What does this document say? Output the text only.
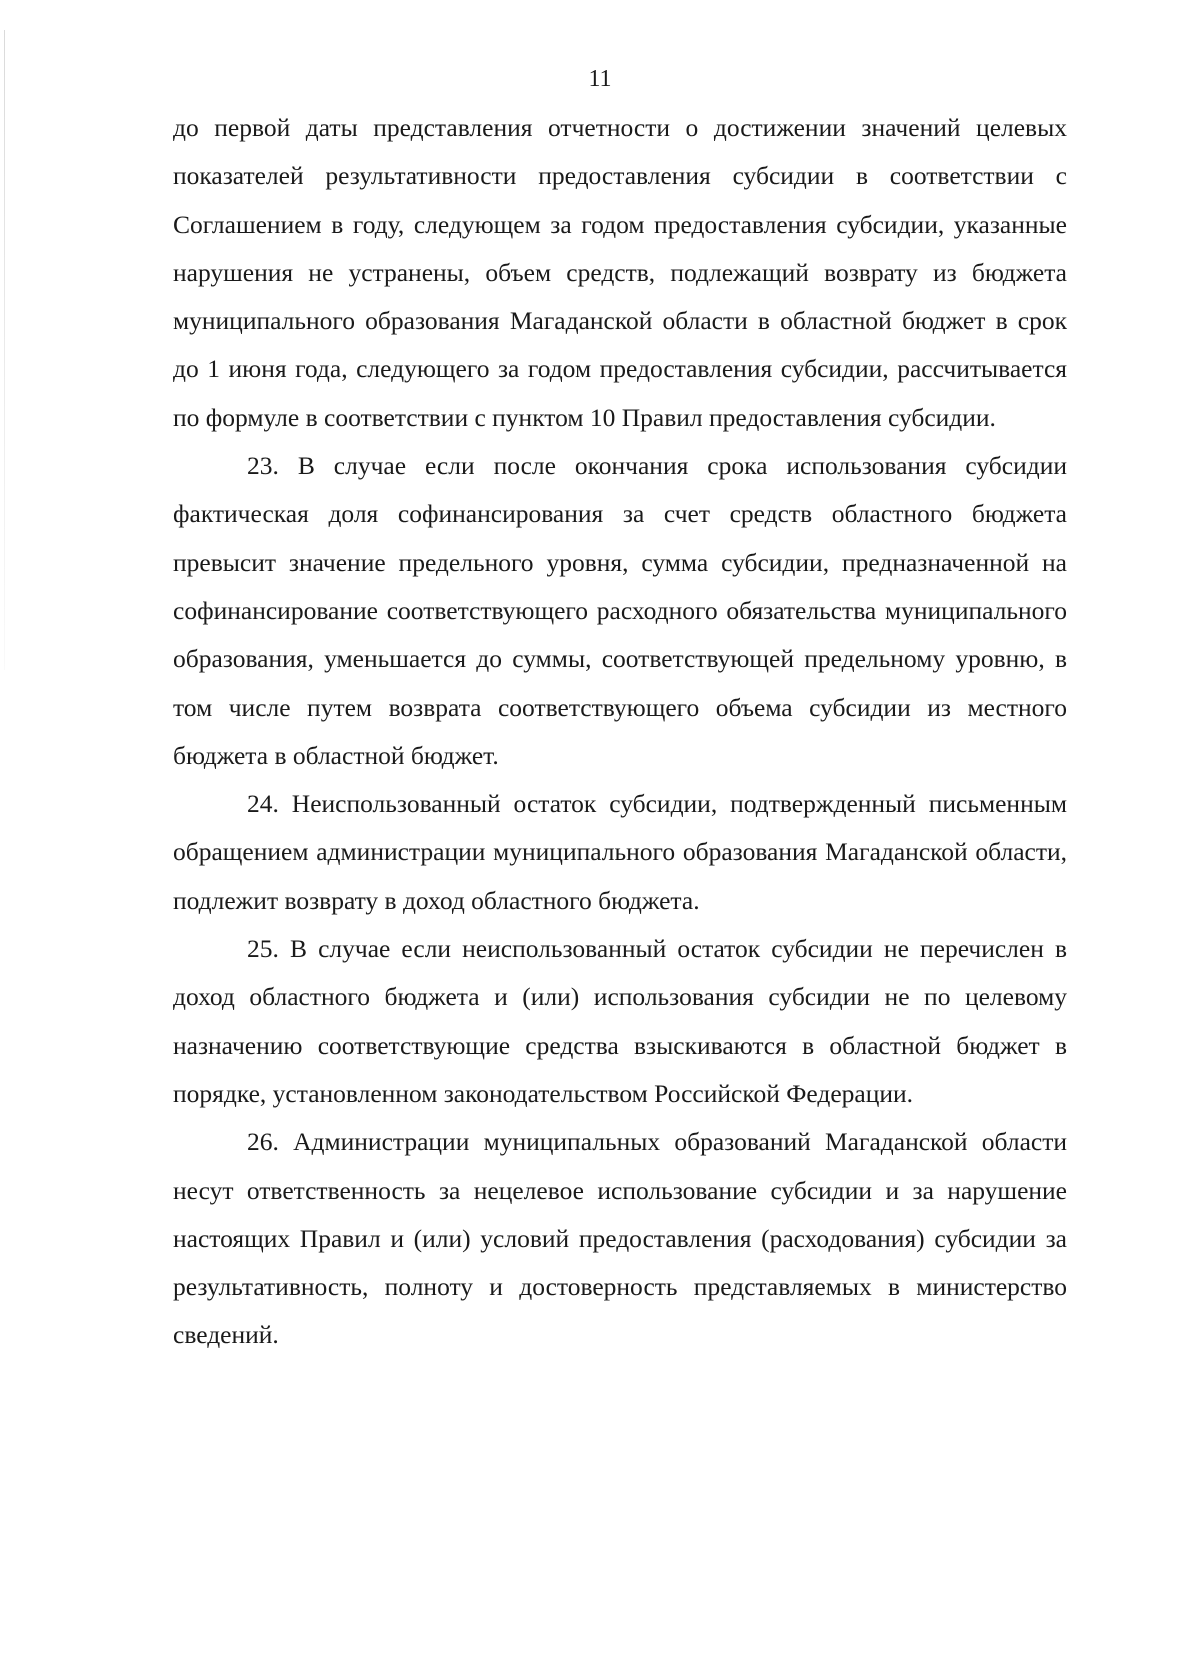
11

до первой даты представления отчетности о достижении значений целевых показателей результативности предоставления субсидии в соответствии с Соглашением в году, следующем за годом предоставления субсидии, указанные нарушения не устранены, объем средств, подлежащий возврату из бюджета муниципального образования Магаданской области в областной бюджет в срок до 1 июня года, следующего за годом предоставления субсидии, рассчитывается по формуле в соответствии с пунктом 10 Правил предоставления субсидии.

23. В случае если после окончания срока использования субсидии фактическая доля софинансирования за счет средств областного бюджета превысит значение предельного уровня, сумма субсидии, предназначенной на софинансирование соответствующего расходного обязательства муниципального образования, уменьшается до суммы, соответствующей предельному уровню, в том числе путем возврата соответствующего объема субсидии из местного бюджета в областной бюджет.

24. Неиспользованный остаток субсидии, подтвержденный письменным обращением администрации муниципального образования Магаданской области, подлежит возврату в доход областного бюджета.

25. В случае если неиспользованный остаток субсидии не перечислен в доход областного бюджета и (или) использования субсидии не по целевому назначению соответствующие средства взыскиваются в областной бюджет в порядке, установленном законодательством Российской Федерации.

26. Администрации муниципальных образований Магаданской области несут ответственность за нецелевое использование субсидии и за нарушение настоящих Правил и (или) условий предоставления (расходования) субсидии за результативность, полноту и достоверность представляемых в министерство сведений.
